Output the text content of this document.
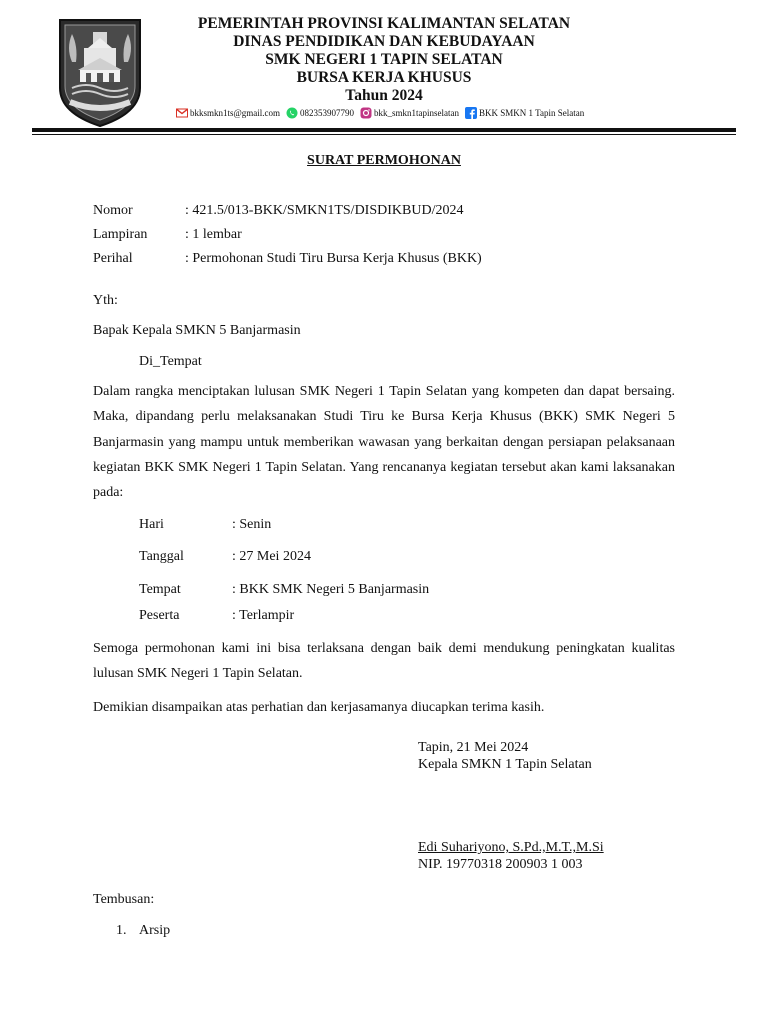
PEMERINTAH PROVINSI KALIMANTAN SELATAN
DINAS PENDIDIKAN DAN KEBUDAYAAN
SMK NEGERI 1 TAPIN SELATAN
BURSA KERJA KHUSUS
Tahun 2024
bkksmkn1ts@gmail.com 082353907790 bkk_smkn1tapinselatan BKK SMKN 1 Tapin Selatan
SURAT PERMOHONAN
Nomor	: 421.5/013-BKK/SMKN1TS/DISDIKBUD/2024
Lampiran	: 1 lembar
Perihal	: Permohonan Studi Tiru Bursa Kerja Khusus (BKK)
Yth:
Bapak Kepala SMKN 5 Banjarmasin
Di_Tempat
Dalam rangka menciptakan lulusan SMK Negeri 1 Tapin Selatan yang kompeten dan dapat bersaing. Maka, dipandang perlu melaksanakan Studi Tiru ke Bursa Kerja Khusus (BKK) SMK Negeri 5 Banjarmasin yang mampu untuk memberikan wawasan yang berkaitan dengan persiapan pelaksanaan kegiatan BKK SMK Negeri 1 Tapin Selatan. Yang rencananya kegiatan tersebut akan kami laksanakan pada:
Hari	: Senin
Tanggal	: 27 Mei 2024
Tempat	: BKK SMK Negeri 5 Banjarmasin
Peserta	: Terlampir
Semoga permohonan kami ini bisa terlaksana dengan baik demi mendukung peningkatan kualitas lulusan SMK Negeri 1 Tapin Selatan.
Demikian disampaikan atas perhatian dan kerjasamanya diucapkan terima kasih.
Tapin, 21 Mei 2024
Kepala SMKN 1 Tapin Selatan
Edi Suhariyono, S.Pd.,M.T.,M.Si
NIP. 19770318 200903 1 003
Tembusan:
1. Arsip
